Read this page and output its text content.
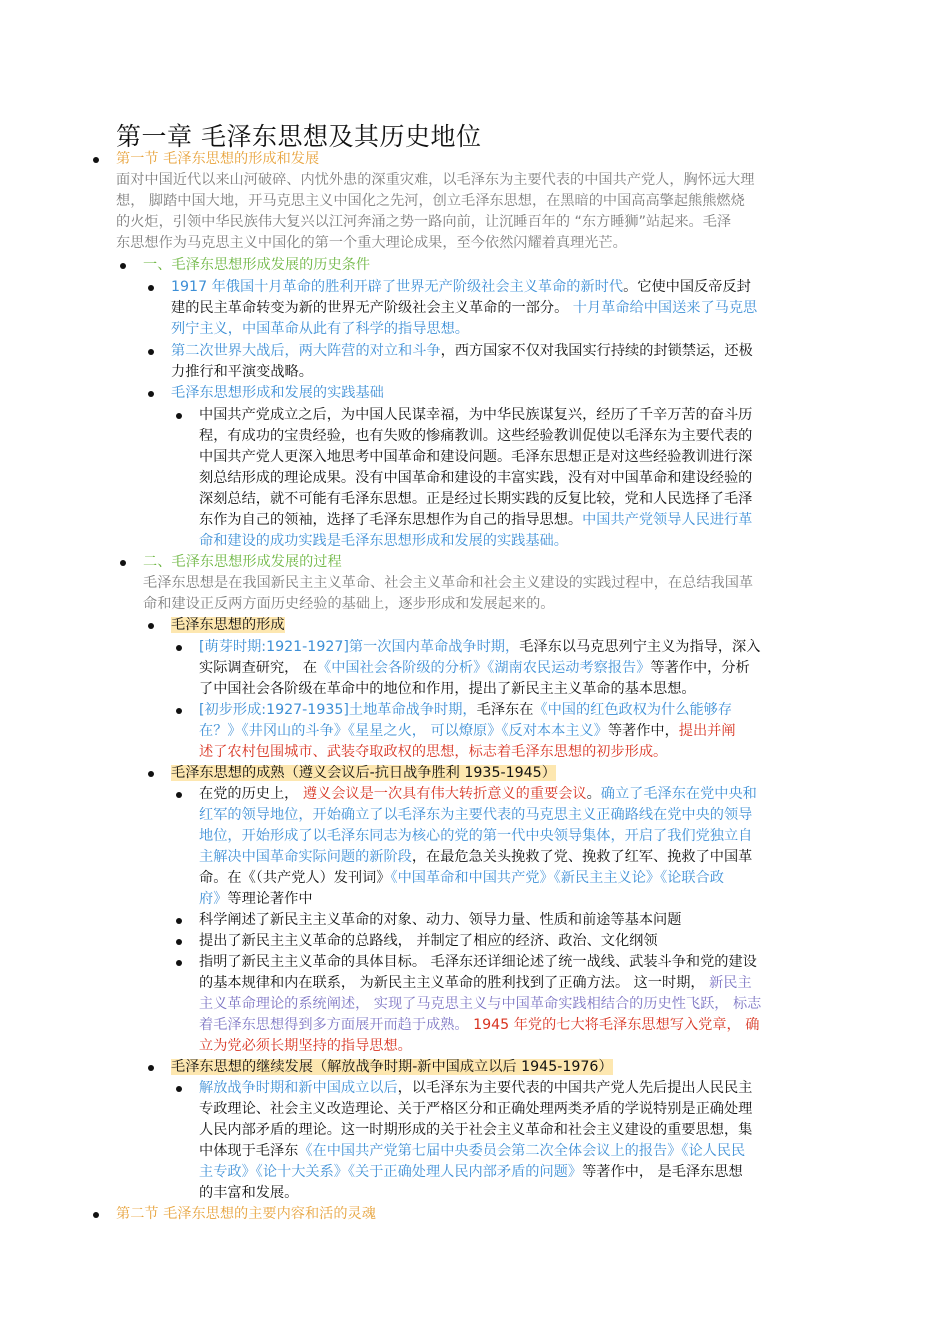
第一章 毛泽东思想及其历史地位
第一节 毛泽东思想的形成和发展
面对中国近代以来山河破碎、内忧外患的深重灾难，以毛泽东为主要代表的中国共产党人，胸怀远大理
想， 脚踏中国大地，开马克思主义中国化之先河，创立毛泽东思想，在黑暗的中国高高擎起熊熊燃烧
的火炬，引领中华民族伟大复兴以江河奔涌之势一路向前，让沉睡百年的 “东方睡狮”站起来。毛泽
东思想作为马克思主义中国化的第一个重大理论成果，至今依然闪耀着真理光芒。
一、毛泽东思想形成发展的历史条件
1917 年俄国十月革命的胜利开辟了世界无产阶级社会主义革命的新时代。它使中国反帝反封
建的民主革命转变为新的世界无产阶级社会主义革命的一部分。 十月革命给中国送来了马克思
列宁主义，中国革命从此有了科学的指导思想。
第二次世界大战后，两大阵营的对立和斗争，西方国家不仅对我国实行持续的封锁禁运，还极
力推行和平演变战略。
毛泽东思想形成和发展的实践基础
中国共产党成立之后，为中国人民谋幸福，为中华民族谋复兴，经历了千辛万苦的奋斗历
程，有成功的宝贵经验，也有失败的惨痛教训。这些经验教训促使以毛泽东为主要代表的
中国共产党人更深入地思考中国革命和建设问题。毛泽东思想正是对这些经验教训进行深
刻总结形成的理论成果。没有中国革命和建设的丰富实践，没有对中国革命和建设经验的
深刻总结，就不可能有毛泽东思想。正是经过长期实践的反复比较，党和人民选择了毛泽
东作为自己的领袖，选择了毛泽东思想作为自己的指导思想。中国共产党领导人民进行革
命和建设的成功实践是毛泽东思想形成和发展的实践基础。
二、毛泽东思想形成发展的过程
毛泽东思想是在我国新民主主义革命、社会主义革命和社会主义建设的实践过程中，在总结我国革
命和建设正反两方面历史经验的基础上，逐步形成和发展起来的。
毛泽东思想的形成
[萌芽时期:1921-1927]第一次国内革命战争时期，毛泽东以马克思列宁主义为指导，深入
实际调查研究， 在《中国社会各阶级的分析》《湖南农民运动考察报告》等著作中，分析
了中国社会各阶级在革命中的地位和作用，提出了新民主主义革命的基本思想。
[初步形成:1927-1935]土地革命战争时期，毛泽东在《中国的红色政权为什么能够存
在？》《井冈山的斗争》《星星之火， 可以燎原》《反对本本主义》等著作中，提出并阐
述了农村包围城市、武装夺取政权的思想，标志着毛泽东思想的初步形成。
毛泽东思想的成熟（遵义会议后-抗日战争胜利 1935-1945）
在党的历史上， 遵义会议是一次具有伟大转折意义的重要会议。确立了毛泽东在党中央和
红军的领导地位，开始确立了以毛泽东为主要代表的马克思主义正确路线在党中央的领导
地位，开始形成了以毛泽东同志为核心的党的第一代中央领导集体，开启了我们党独立自
主解决中国革命实际问题的新阶段，在最危急关头挽救了党、挽救了红军、挽救了中国革
命。在《（共产党人）发刊词》《中国革命和中国共产党》《新民主主义论》《论联合政
府》等理论著作中
科学阐述了新民主主义革命的对象、动力、领导力量、性质和前途等基本问题
提出了新民主主义革命的总路线， 并制定了相应的经济、政治、文化纲领
指明了新民主主义革命的具体目标。 毛泽东还详细论述了统一战线、武装斗争和党的建设
的基本规律和内在联系， 为新民主主义革命的胜利找到了正确方法。 这一时期， 新民主
主义革命理论的系统阐述， 实现了马克思主义与中国革命实践相结合的历史性飞跃， 标志
着毛泽东思想得到多方面展开而趋于成熟。 1945 年党的七大将毛泽东思想写入党章， 确
立为党必须长期坚持的指导思想。
毛泽东思想的继续发展（解放战争时期-新中国成立以后 1945-1976）
解放战争时期和新中国成立以后，以毛泽东为主要代表的中国共产党人先后提出人民民主
专政理论、社会主义改造理论、关于严格区分和正确处理两类矛盾的学说特别是正确处理
人民内部矛盾的理论。这一时期形成的关于社会主义革命和社会主义建设的重要思想，集
中体现于毛泽东《在中国共产党第七届中央委员会第二次全体会议上的报告》《论人民民
主专政》《论十大关系》《关于正确处理人民内部矛盾的问题》等著作中， 是毛泽东思想
的丰富和发展。
第二节 毛泽东思想的主要内容和活的灵魂
